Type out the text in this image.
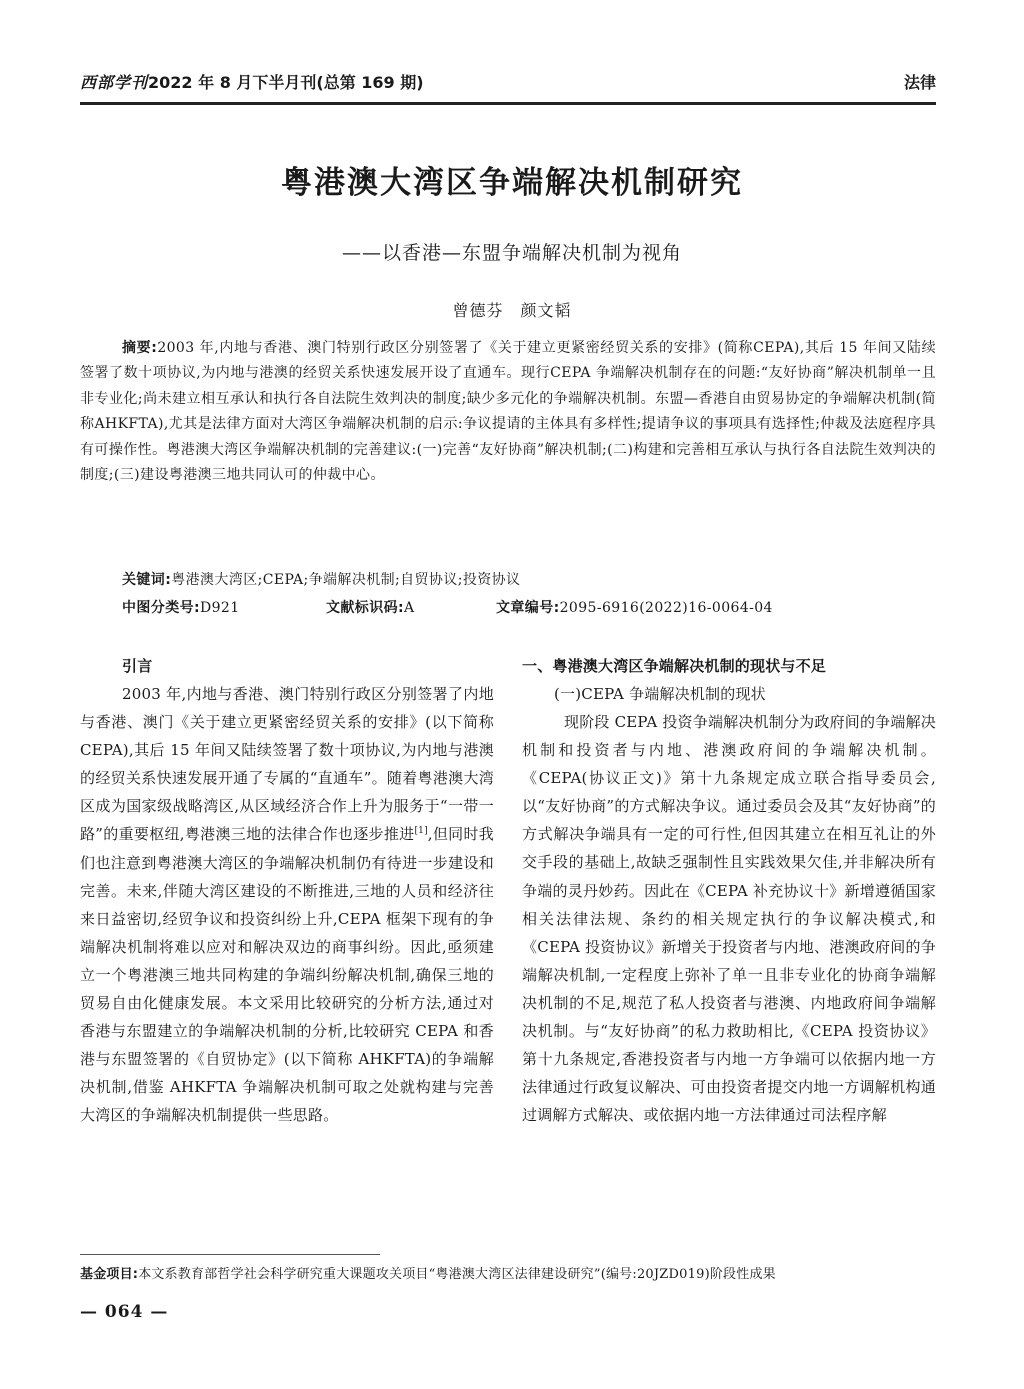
西部学刊2022 年 8 月下半月刊(总第 169 期)	法律
粤港澳大湾区争端解决机制研究
——以香港—东盟争端解决机制为视角
曾德芬　颜文韬
摘要:2003 年,内地与香港、澳门特别行政区分别签署了《关于建立更紧密经贸关系的安排》(简称CEPA),其后 15 年间又陆续签署了数十项协议,为内地与港澳的经贸关系快速发展开设了直通车。现行CEPA 争端解决机制存在的问题:“友好协商”解决机制单一且非专业化;尚未建立相互承认和执行各自法院生效判决的制度;缺少多元化的争端解决机制。东盟—香港自由贸易协定的争端解决机制(简称AHKFTA),尤其是法律方面对大湾区争端解决机制的启示:争议提请的主体具有多样性;提请争议的事项具有选择性;仲裁及法庭程序具有可操作性。粤港澳大湾区争端解决机制的完善建议:(一)完善“友好协商”解决机制;(二)构建和完善相互承认与执行各自法院生效判决的制度;(三)建设粤港澳三地共同认可的仲裁中心。
关键词:粤港澳大湾区;CEPA;争端解决机制;自贸协议;投资协议
中图分类号:D921	文献标识码:A	文章编号:2095-6916(2022)16-0064-04
引言

2003 年,内地与香港、澳门特别行政区分别签署了内地与香港、澳门《关于建立更紧密经贸关系的安排》(以下简称 CEPA),其后 15 年间又陆续签署了数十项协议,为内地与港澳的经贸关系快速发展开通了专属的“直通车”。随着粤港澳大湾区成为国家级战略湾区,从区域经济合作上升为服务于“一带一路”的重要枢纽,粤港澳三地的法律合作也逐步推进[1],但同时我们也注意到粤港澳大湾区的争端解决机制仍有待进一步建设和完善。未来,伴随大湾区建设的不断推进,三地的人员和经济往来日益密切,经贸争议和投资纠纷上升,CEPA 框架下现有的争端解决机制将难以应对和解决双边的商事纠纷。因此,亟须建立一个粤港澳三地共同构建的争端纠纷解决机制,确保三地的贸易自由化健康发展。本文采用比较研究的分析方法,通过对香港与东盟建立的争端解决机制的分析,比较研究 CEPA 和香港与东盟签署的《自贸协定》(以下简称 AHKFTA)的争端解决机制,借鉴 AHKFTA 争端解决机制可取之处就构建与完善大湾区的争端解决机制提供一些思路。

一、粤港澳大湾区争端解决机制的现状与不足
(一)CEPA 争端解决机制的现状

现阶段 CEPA 投资争端解决机制分为政府间的争端解决机制和投资者与内地、港澳政府间的争端解决机制。《CEPA(协议正文)》第十九条规定成立联合指导委员会,以“友好协商”的方式解决争议。通过委员会及其“友好协商”的方式解决争端具有一定的可行性,但因其建立在相互礼让的外交手段的基础上,故缺乏强制性且实践效果欠佳,并非解决所有争端的灵丹妙药。因此在《CEPA 补充协议十》新增遵循国家相关法律法规、条约的相关规定执行的争议解决模式,和《CEPA 投资协议》新增关于投资者与内地、港澳政府间的争端解决机制,一定程度上弥补了单一且非专业化的协商争端解决机制的不足,规范了私人投资者与港澳、内地政府间争端解决机制。与“友好协商”的私力救助相比,《CEPA 投资协议》第十九条规定,香港投资者与内地一方争端可以依据内地一方法律通过行政复议解决、可由投资者提交内地一方调解机构通过调解方式解决、或依据内地一方法律通过司法程序解

基金项目:本文系教育部哲学社会科学研究重大课题攻关项目“粤港澳大湾区法律建设研究”(编号:20JZD019)阶段性成果
— 064 —
